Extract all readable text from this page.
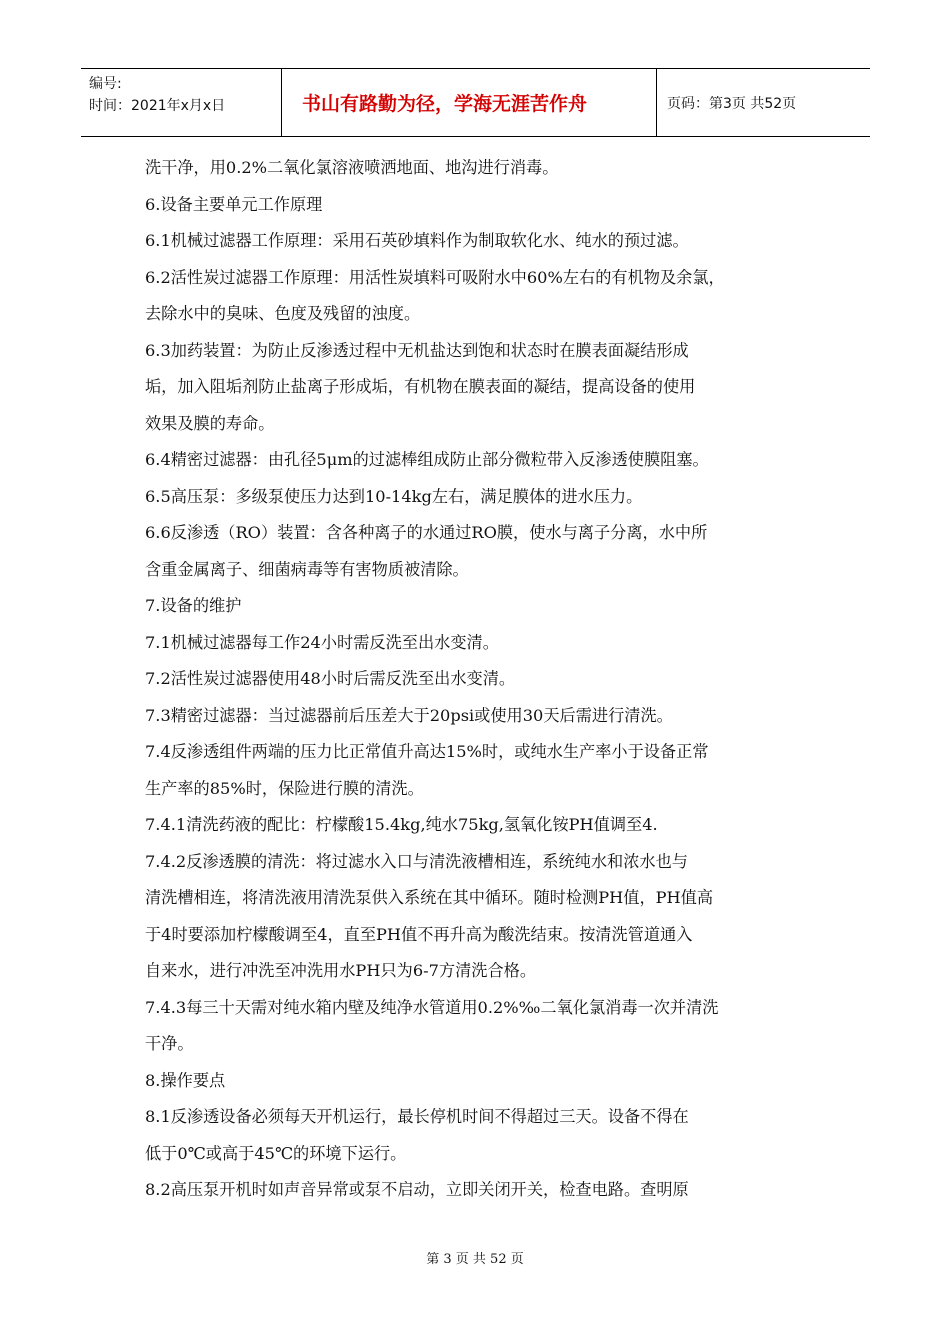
编号:
时间：2021年x月x日	书山有路勤为径，学海无涯苦作舟	页码：第3页 共52页
洗干净，用0.2%二氧化氯溶液喷洒地面、地沟进行消毒。
6.设备主要单元工作原理
6.1机械过滤器工作原理：采用石英砂填料作为制取软化水、纯水的预过滤。
6.2活性炭过滤器工作原理：用活性炭填料可吸附水中60%左右的有机物及余氯，
去除水中的臭味、色度及残留的浊度。
6.3加药装置：为防止反渗透过程中无机盐达到饱和状态时在膜表面凝结形成
垢，加入阻垢剂防止盐离子形成垢，有机物在膜表面的凝结，提高设备的使用
效果及膜的寿命。
6.4精密过滤器：由孔径5μm的过滤棒组成防止部分微粒带入反渗透使膜阻塞。
6.5高压泵：多级泵使压力达到10-14kg左右，满足膜体的进水压力。
6.6反渗透（RO）装置：含各种离子的水通过RO膜，使水与离子分离，水中所
含重金属离子、细菌病毒等有害物质被清除。
7.设备的维护
7.1机械过滤器每工作24小时需反洗至出水变清。
7.2活性炭过滤器使用48小时后需反洗至出水变清。
7.3精密过滤器：当过滤器前后压差大于20psi或使用30天后需进行清洗。
7.4反渗透组件两端的压力比正常值升高达15%时，或纯水生产率小于设备正常
生产率的85%时，保险进行膜的清洗。
7.4.1清洗药液的配比：柠檬酸15.4kg,纯水75kg,氢氧化铵PH值调至4.
7.4.2反渗透膜的清洗：将过滤水入口与清洗液槽相连，系统纯水和浓水也与
清洗槽相连，将清洗液用清洗泵供入系统在其中循环。随时检测PH值，PH值高
于4时要添加柠檬酸调至4，直至PH值不再升高为酸洗结束。按清洗管道通入
自来水，进行冲洗至冲洗用水PH只为6-7方清洗合格。
7.4.3每三十天需对纯水箱内壁及纯净水管道用0.2%‰二氧化氯消毒一次并清洗
干净。
8.操作要点
8.1反渗透设备必须每天开机运行，最长停机时间不得超过三天。设备不得在
低于0℃或高于45℃的环境下运行。
8.2高压泵开机时如声音异常或泵不启动，立即关闭开关，检查电路。查明原
第 3 页 共 52 页
